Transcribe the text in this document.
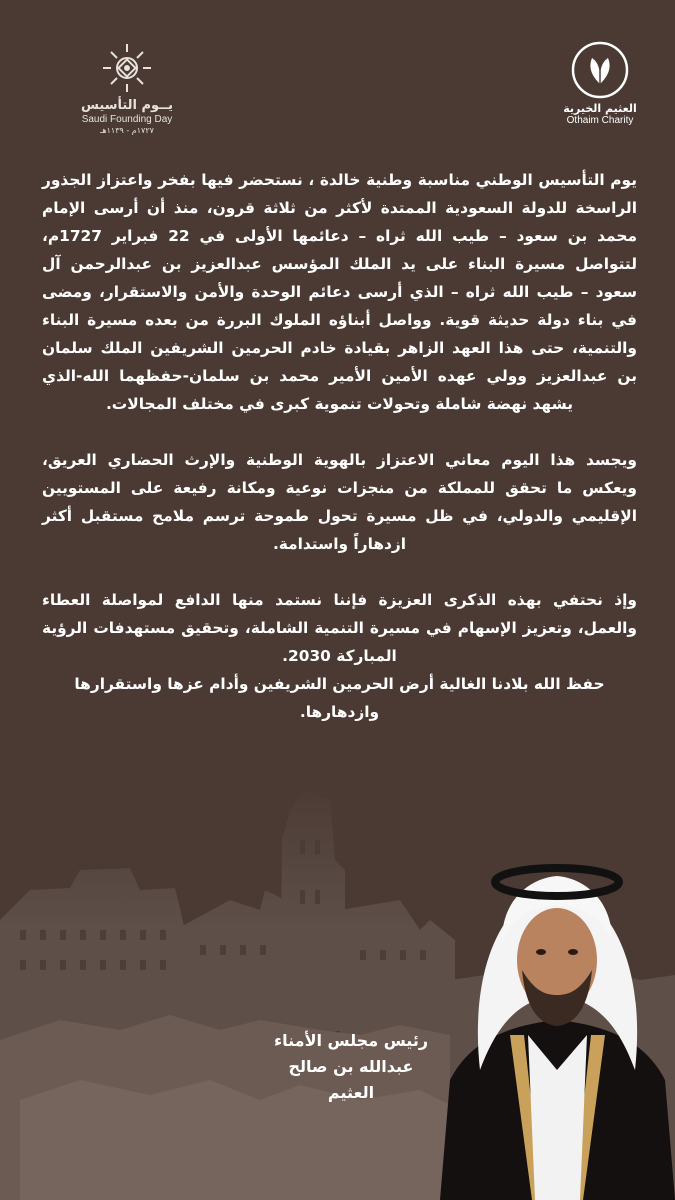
يــوم التأسيس
Saudi Founding Day
١٧٢٧م - ١١٣٩هـ
العثيم الخيرية
Othaim Charity

يوم التأسيس الوطني مناسبة وطنية خالدة ، نستحضر فيها بفخر واعتزاز الجذور الراسخة للدولة السعودية الممتدة لأكثر من ثلاثة قرون، منذ أن أرسى الإمام محمد بن سعود – طيب الله ثراه – دعائمها الأولى في 22 فبراير 1727م، لتتواصل مسيرة البناء على يد الملك المؤسس عبدالعزيز بن عبدالرحمن آل سعود – طيب الله ثراه – الذي أرسى دعائم الوحدة والأمن والاستقرار، ومضى في بناء دولة حديثة قوية. وواصل أبناؤه الملوك البررة من بعده مسيرة البناء والتنمية، حتى هذا العهد الزاهر بقيادة خادم الحرمين الشريفين الملك سلمان بن عبدالعزيز وولي عهده الأمين الأمير محمد بن سلمان-حفظهما الله-الذي يشهد نهضة شاملة وتحولات تنموية كبرى في مختلف المجالات.

ويجسد هذا اليوم معاني الاعتزاز بالهوية الوطنية والإرث الحضاري العريق، ويعكس ما تحقق للمملكة من منجزات نوعية ومكانة رفيعة على المستويين الإقليمي والدولي، في ظل مسيرة تحول طموحة ترسم ملامح مستقبل أكثر ازدهاراً واستدامة.

وإذ نحتفي بهذه الذكرى العزيزة فإننا نستمد منها الدافع لمواصلة العطاء والعمل، وتعزيز الإسهام في مسيرة التنمية الشاملة، وتحقيق مستهدفات الرؤية المباركة 2030.

حفظ الله بلادنا الغالية أرض الحرمين الشريفين وأدام عزها واستقرارها وازدهارها.

رئيس مجلس الأمناء
عبدالله بن صالح العثيم
